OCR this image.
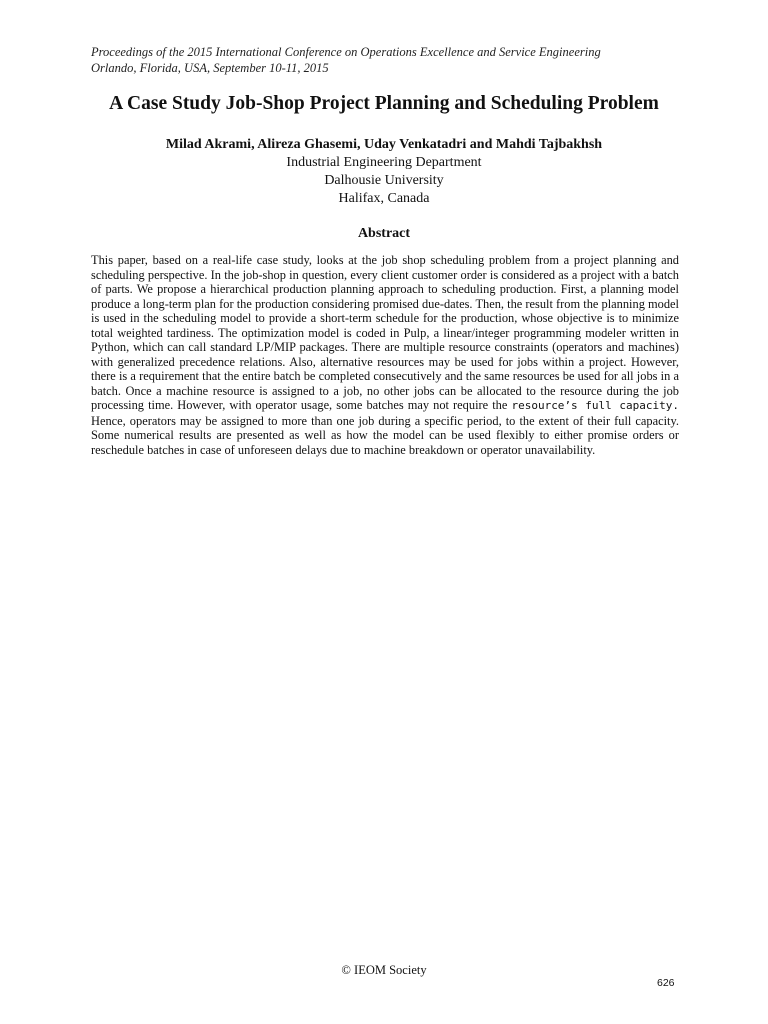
Proceedings of the 2015 International Conference on Operations Excellence and Service Engineering
Orlando, Florida, USA, September 10-11, 2015
A Case Study Job-Shop Project Planning and Scheduling Problem
Milad Akrami, Alireza Ghasemi, Uday Venkatadri and Mahdi Tajbakhsh
Industrial Engineering Department
Dalhousie University
Halifax, Canada
Abstract

This paper, based on a real-life case study, looks at the job shop scheduling problem from a project planning and scheduling perspective. In the job-shop in question, every client customer order is considered as a project with a batch of parts. We propose a hierarchical production planning approach to scheduling production. First, a planning model produce a long-term plan for the production considering promised due-dates. Then, the result from the planning model is used in the scheduling model to provide a short-term schedule for the production, whose objective is to minimize total weighted tardiness. The optimization model is coded in Pulp, a linear/integer programming modeler written in Python, which can call standard LP/MIP packages. There are multiple resource constraints (operators and machines) with generalized precedence relations. Also, alternative resources may be used for jobs within a project. However, there is a requirement that the entire batch be completed consecutively and the same resources be used for all jobs in a batch. Once a machine resource is assigned to a job, no other jobs can be allocated to the resource during the job processing time. However, with operator usage, some batches may not require the resource’s full capacity. Hence, operators may be assigned to more than one job during a specific period, to the extent of their full capacity. Some numerical results are presented as well as how the model can be used flexibly to either promise orders or reschedule batches in case of unforeseen delays due to machine breakdown or operator unavailability.

© IEOM Society
626
